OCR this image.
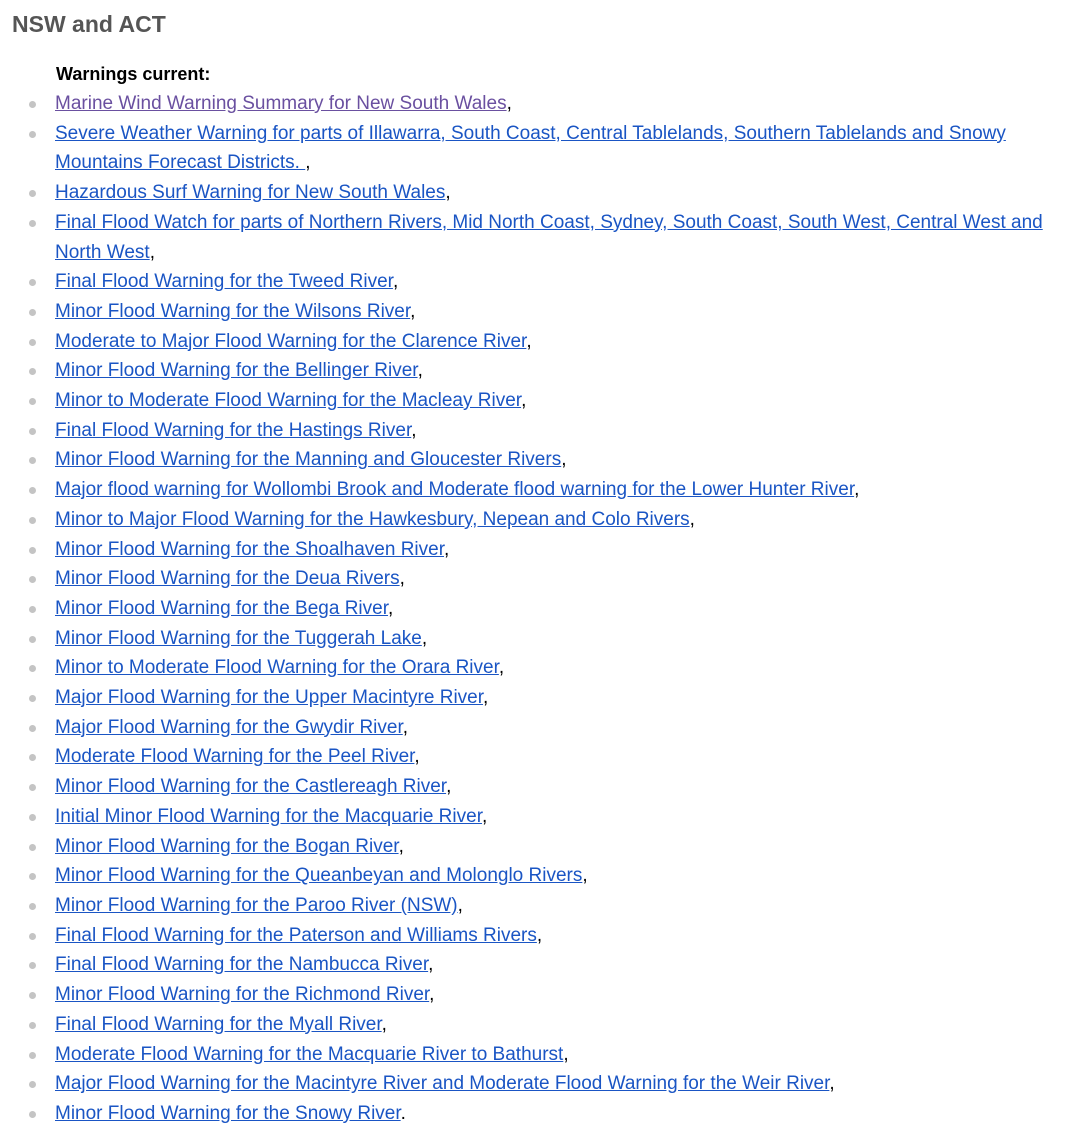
NSW and ACT
Warnings current:
Marine Wind Warning Summary for New South Wales,
Severe Weather Warning for parts of Illawarra, South Coast, Central Tablelands, Southern Tablelands and Snowy Mountains Forecast Districts. ,
Hazardous Surf Warning for New South Wales,
Final Flood Watch for parts of Northern Rivers, Mid North Coast, Sydney, South Coast, South West, Central West and North West,
Final Flood Warning for the Tweed River,
Minor Flood Warning for the Wilsons River,
Moderate to Major Flood Warning for the Clarence River,
Minor Flood Warning for the Bellinger River,
Minor to Moderate Flood Warning for the Macleay River,
Final Flood Warning for the Hastings River,
Minor Flood Warning for the Manning and Gloucester Rivers,
Major flood warning for Wollombi Brook and Moderate flood warning for the Lower Hunter River,
Minor to Major Flood Warning for the Hawkesbury, Nepean and Colo Rivers,
Minor Flood Warning for the Shoalhaven River,
Minor Flood Warning for the Deua Rivers,
Minor Flood Warning for the Bega River,
Minor Flood Warning for the Tuggerah Lake,
Minor to Moderate Flood Warning for the Orara River,
Major Flood Warning for the Upper Macintyre River,
Major Flood Warning for the Gwydir River,
Moderate Flood Warning for the Peel River,
Minor Flood Warning for the Castlereagh River,
Initial Minor Flood Warning for the Macquarie River,
Minor Flood Warning for the Bogan River,
Minor Flood Warning for the Queanbeyan and Molonglo Rivers,
Minor Flood Warning for the Paroo River (NSW),
Final Flood Warning for the Paterson and Williams Rivers,
Final Flood Warning for the Nambucca River,
Minor Flood Warning for the Richmond River,
Final Flood Warning for the Myall River,
Moderate Flood Warning for the Macquarie River to Bathurst,
Major Flood Warning for the Macintyre River and Moderate Flood Warning for the Weir River,
Minor Flood Warning for the Snowy River.
